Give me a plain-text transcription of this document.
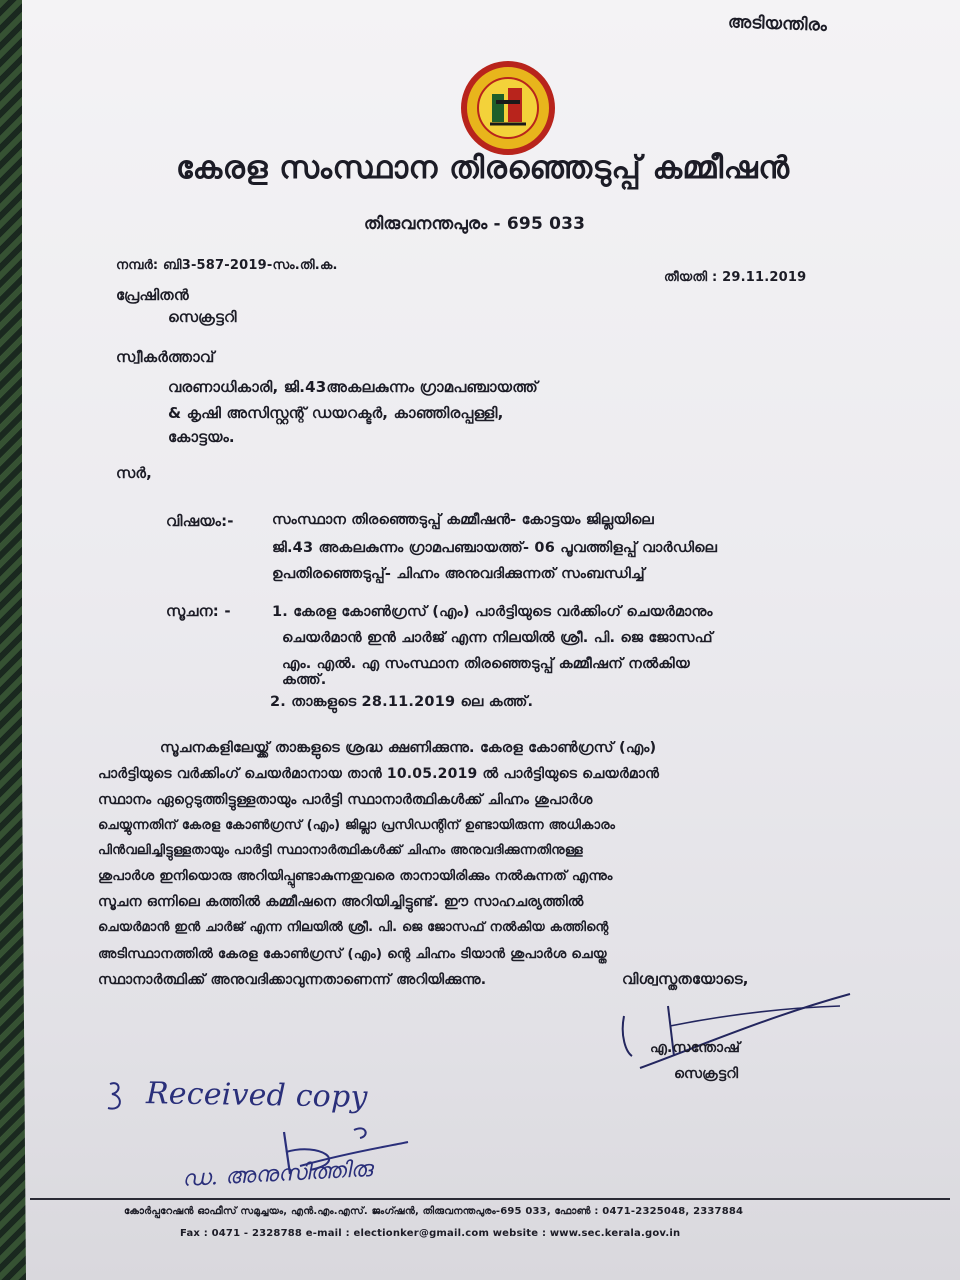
അടിയന്തിരം
കേരള സംസ്ഥാന തിരഞ്ഞെടുപ്പ് കമ്മീഷൻ
തിരുവനന്തപുരം - 695 033
നമ്പർ: ബി3-587-2019-സം.തി.ക.
തീയതി : 29.11.2019
പ്രേഷിതൻ
സെക്രട്ടറി
സ്വീകർത്താവ്
വരണാധികാരി, ജി.43അകലകുന്നം ഗ്രാമപഞ്ചായത്ത്
& കൃഷി അസിസ്റ്റന്റ് ഡയറക്ടർ, കാഞ്ഞിരപ്പള്ളി,
കോട്ടയം.
സർ,
വിഷയം:-	സംസ്ഥാന തിരഞ്ഞെടുപ്പ് കമ്മീഷൻ- കോട്ടയം ജില്ലയിലെ
ജി.43 അകലകുന്നം ഗ്രാമപഞ്ചായത്ത്- 06 പൂവത്തിളപ്പ് വാർഡിലെ
ഉപതിരഞ്ഞെടുപ്പ്- ചിഹ്നം അനുവദിക്കുന്നത് സംബന്ധിച്ച്
സൂചന: -	1. കേരള കോൺഗ്രസ് (എം) പാർട്ടിയുടെ വർക്കിംഗ് ചെയർമാനും
ചെയർമാൻ ഇൻ ചാർജ് എന്ന നിലയിൽ ശ്രീ. പി. ജെ ജോസഫ്
എം. എൽ. എ സംസ്ഥാന തിരഞ്ഞെടുപ്പ് കമ്മീഷന് നൽകിയ
കത്ത്.
2. താങ്കളുടെ 28.11.2019 ലെ കത്ത്.
സൂചനകളിലേയ്ക്ക് താങ്കളുടെ ശ്രദ്ധ ക്ഷണിക്കുന്നു. കേരള കോൺഗ്രസ് (എം)
പാർട്ടിയുടെ വർക്കിംഗ് ചെയർമാനായ താൻ 10.05.2019 ൽ പാർട്ടിയുടെ ചെയർമാൻ
സ്ഥാനം ഏറ്റെടുത്തിട്ടുള്ളതായും പാർട്ടി സ്ഥാനാർത്ഥികൾക്ക് ചിഹ്നം ശുപാർശ
ചെയ്യുന്നതിന് കേരള കോൺഗ്രസ് (എം) ജില്ലാ പ്രസിഡന്റിന് ഉണ്ടായിരുന്ന അധികാരം
പിൻവലിച്ചിട്ടുള്ളതായും പാർട്ടി സ്ഥാനാർത്ഥികൾക്ക് ചിഹ്നം അനുവദിക്കുന്നതിനുള്ള
ശുപാർശ ഇനിയൊരു അറിയിപ്പുണ്ടാകുന്നതുവരെ താനായിരിക്കും നൽകുന്നത് എന്നും
സൂചന ഒന്നിലെ കത്തിൽ കമ്മീഷനെ അറിയിച്ചിട്ടുണ്ട്. ഈ സാഹചര്യത്തിൽ
ചെയർമാൻ ഇൻ ചാർജ് എന്ന നിലയിൽ ശ്രീ. പി. ജെ ജോസഫ് നൽകിയ കത്തിന്റെ
അടിസ്ഥാനത്തിൽ കേരള കോൺഗ്രസ് (എം) ന്റെ ചിഹ്നം ടിയാൻ ശുപാർശ ചെയ്ത
സ്ഥാനാർത്ഥിക്ക് അനുവദിക്കാവുന്നതാണെന്ന് അറിയിക്കുന്നു.	വിശ്വസ്തതയോടെ,
എ.സന്തോഷ്
സെക്രട്ടറി
Received copy
ഡ. അനുസിത്തിരു
കോർപ്പറേഷൻ ഓഫീസ് സമുച്ചയം, എൻ.എം.എസ്. ജംഗ്ഷൻ, തിരുവനന്തപുരം-695 033, ഫോൺ : 0471-2325048, 2337884
Fax : 0471 - 2328788 e-mail : electionker@gmail.com website : www.sec.kerala.gov.in
